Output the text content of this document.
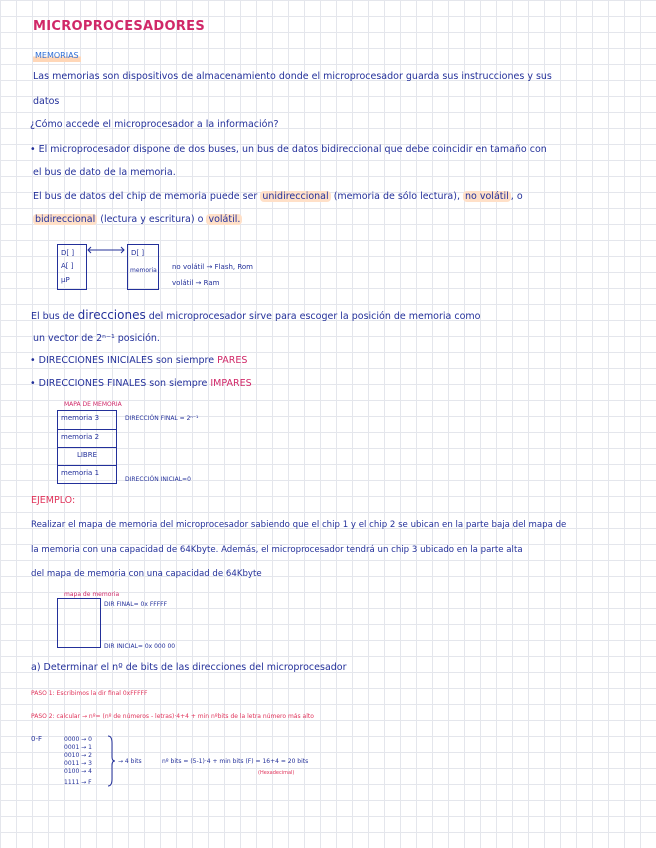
MICROPROCESADORES
MEMORIAS
Las memorias son dispositivos de almacenamiento donde el microprocesador guarda sus instrucciones y sus
datos
¿Cómo accede el microprocesador a la información?
• El microprocesador dispone de dos buses, un bus de datos bidireccional que debe coincidir en tamaño con
el bus de dato de la memoria.
El bus de datos del chip de memoria puede ser unidireccional (memoria de sólo lectura), no volátil , o
bidireccional (lectura y escritura) o volátil.
D[ ]
A[ ]
μP
D[ ]
memoria no volátil → Flash, Rom
volátil → Ram
El bus de direcciones del microprocesador sirve para escoger la posición de memoria como
un vector de 2ⁿ⁻¹ posición.
• DIRECCIONES INICIALES son siempre PARES
• DIRECCIONES FINALES son siempre IMPARES
MAPA DE MEMORIA
memoria 3
memoria 2
LIBRE
memoria 1
DIRECCIÓN FINAL = 2ⁿ⁻¹
DIRECCIÓN INICIAL=0
EJEMPLO:
Realizar el mapa de memoria del microprocesador sabiendo que el chip 1 y el chip 2 se ubican en la parte baja del mapa de
la memoria con una capacidad de 64Kbyte. Además, el microprocesador tendrá un chip 3 ubicado en la parte alta
del mapa de memoria con una capacidad de 64Kbyte
mapa de memoria
DIR FINAL= 0x FFFFF
DIR INICIAL= 0x 000 00
a) Determinar el nº de bits de las direcciones del microprocesador
PASO 1: Escribimos la dir final 0xFFFFF
PASO 2: calcular → nº= (nº de números - letras)·4+4 + min nºbits de la letra número más alto
0-F	0000 → 0
0001 → 1
0010 → 2
0011 → 3
0100 → 4
1111 → F
→ 4 bits	nº bits = (5-1)·4 + min bits (F) = 16+4 = 20 bits
(Hexadecimal)
